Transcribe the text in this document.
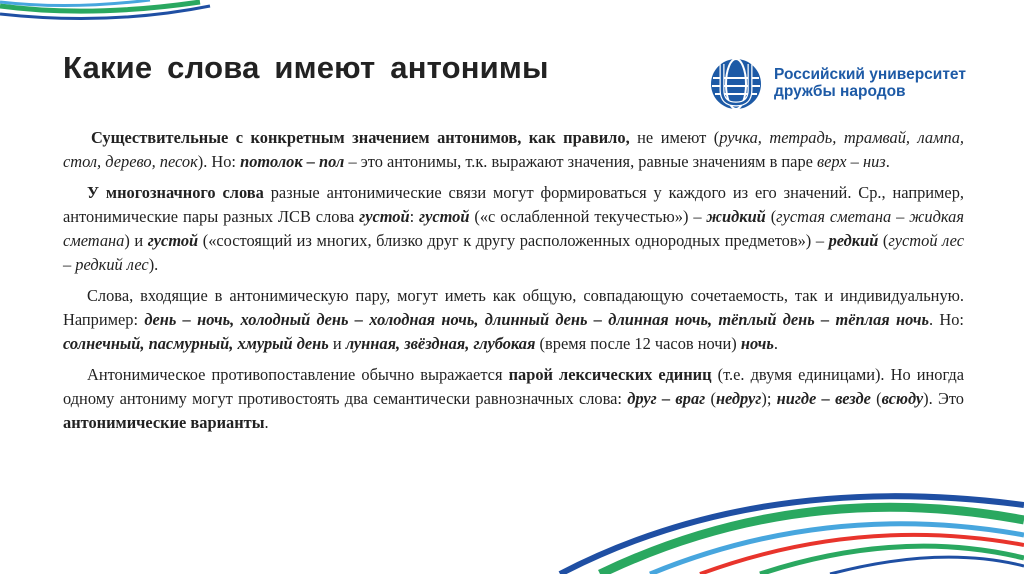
Какие слова имеют антонимы	Российский университет
дружбы народов

Существительные с конкретным значением антонимов, как правило, не имеют (ручка, тетрадь, трамвай, лампа, стол, дерево, песок). Но: потолок – пол – это антонимы, т.к. выражают значения, равные значениям в паре верх – низ.

У многозначного слова разные антонимические связи могут формироваться у каждого из его значений. Ср., например, антонимические пары разных ЛСВ слова густой: густой («с ослабленной текучестью») – жидкий (густая сметана – жидкая сметана) и густой («состоящий из многих, близко друг к другу расположенных однородных предметов») – редкий (густой лес – редкий лес).

Слова, входящие в антонимическую пару, могут иметь как общую, совпадающую сочетаемость, так и индивидуальную. Например: день – ночь, холодный день – холодная ночь, длинный день – длинная ночь, тёплый день – тёплая ночь. Но: солнечный, пасмурный, хмурый день и лунная, звёздная, глубокая (время после 12 часов ночи) ночь.

Антонимическое противопоставление обычно выражается парой лексических единиц (т.е. двумя единицами). Но иногда одному антониму могут противостоять два семантически равнозначных слова: друг – враг (недруг); нигде – везде (всюду). Это антонимические варианты.
